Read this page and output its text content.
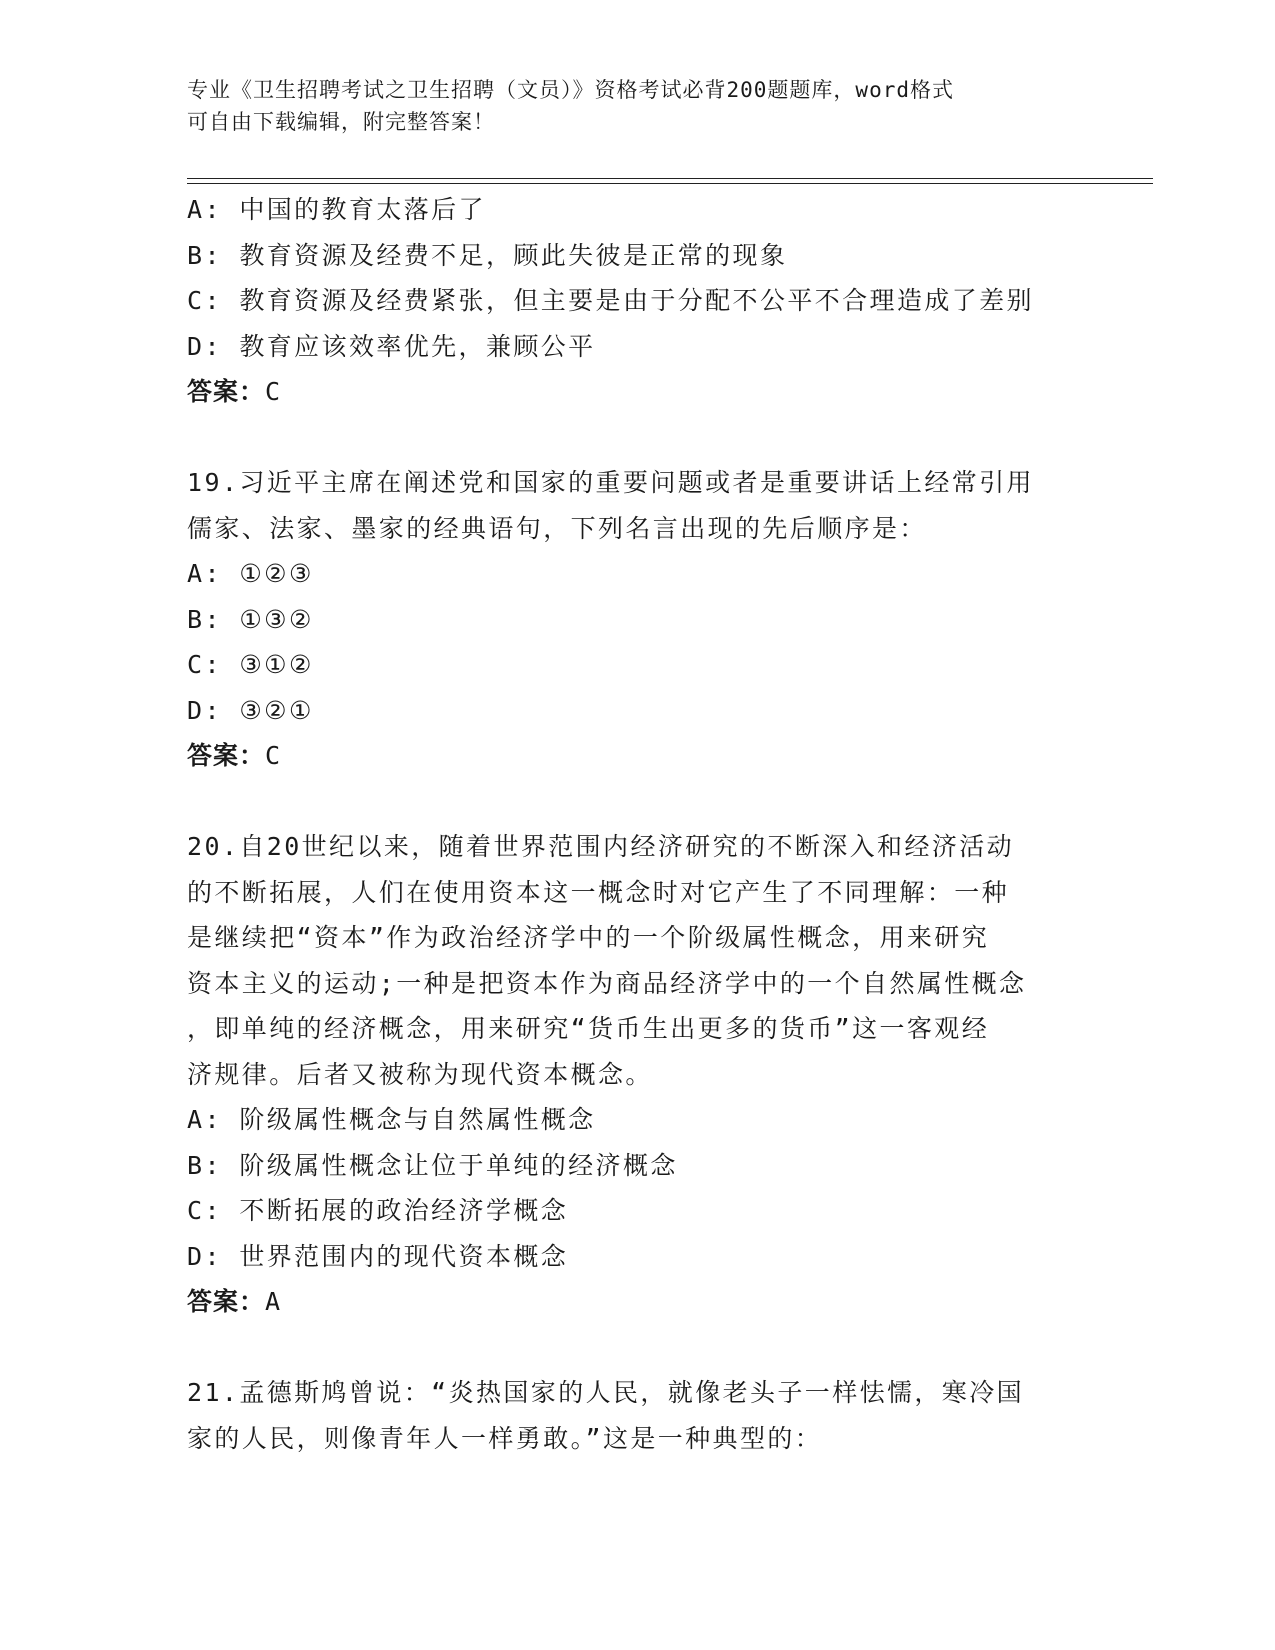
专业《卫生招聘考试之卫生招聘（文员）》资格考试必背200题题库，word格式
可自由下载编辑，附完整答案！
A: 中国的教育太落后了
B: 教育资源及经费不足，顾此失彼是正常的现象
C: 教育资源及经费紧张，但主要是由于分配不公平不合理造成了差别
D: 教育应该效率优先，兼顾公平
答案：C
19.习近平主席在阐述党和国家的重要问题或者是重要讲话上经常引用
儒家、法家、墨家的经典语句，下列名言出现的先后顺序是：
A: ①②③
B: ①③②
C: ③①②
D: ③②①
答案：C
20.自20世纪以来，随着世界范围内经济研究的不断深入和经济活动
的不断拓展，人们在使用资本这一概念时对它产生了不同理解：一种
是继续把“资本”作为政治经济学中的一个阶级属性概念，用来研究
资本主义的运动;一种是把资本作为商品经济学中的一个自然属性概念
，即单纯的经济概念，用来研究“货币生出更多的货币”这一客观经
济规律。后者又被称为现代资本概念。
A: 阶级属性概念与自然属性概念
B: 阶级属性概念让位于单纯的经济概念
C: 不断拓展的政治经济学概念
D: 世界范围内的现代资本概念
答案：A
21.孟德斯鸠曾说：“炎热国家的人民，就像老头子一样怯懦，寒冷国
家的人民，则像青年人一样勇敢。”这是一种典型的：
